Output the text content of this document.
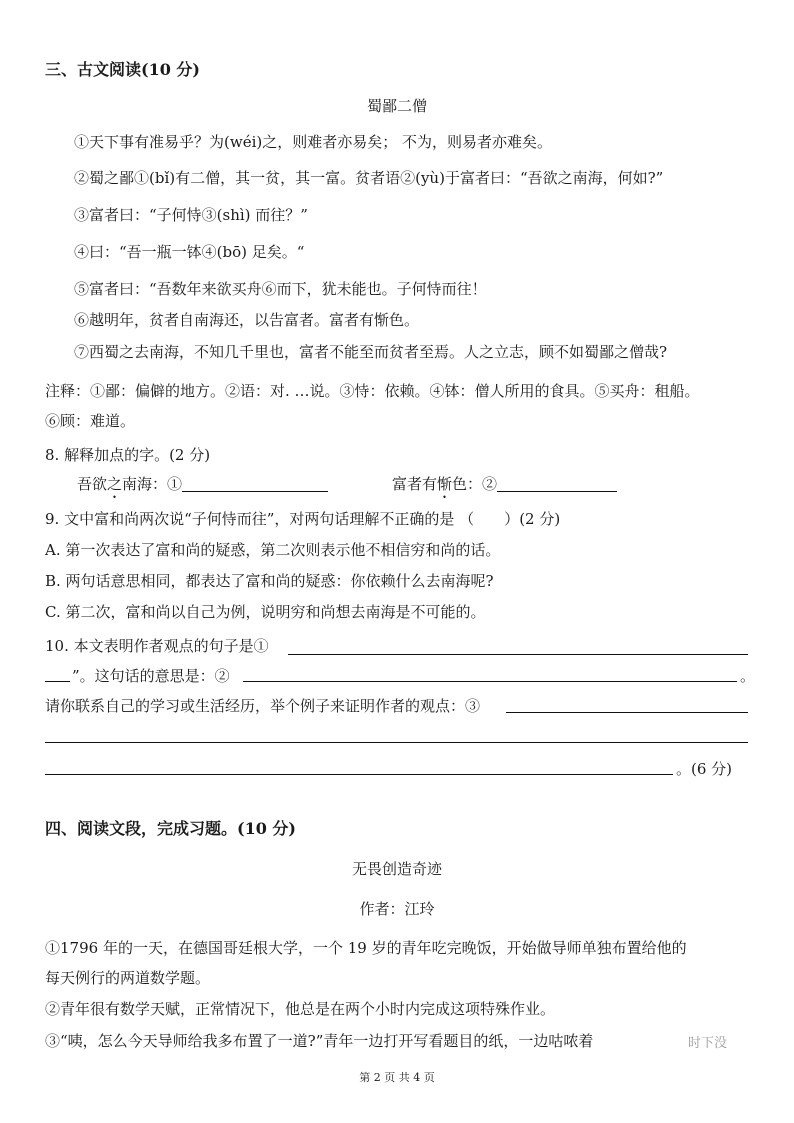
三、古文阅读(10 分)
蜀鄙二僧
①天下事有准易乎？为(wéi)之，则难者亦易矣； 不为，则易者亦难矣。
②蜀之鄙①(bǐ)有二僧，其一贫，其一富。贫者语②(yù)于富者曰：“吾欲之南海，何如?”
③富者曰：“子何恃③(shì) 而往？”
④曰：“吾一瓶一钵④(bō) 足矣。“
⑤富者曰：“吾数年来欲买舟⑥而下，犹未能也。子何恃而往！
⑥越明年，贫者自南海还，以告富者。富者有惭色。
⑦西蜀之去南海，不知几千里也，富者不能至而贫者至焉。人之立志，顾不如蜀鄙之僧哉?
注释：①鄙：偏僻的地方。②语：对. …说。③恃：依赖。④钵：僧人所用的食具。⑤买舟：租船。
⑥顾：难道。
8. 解释加点的字。(2 分)
吾欲之南海：①	富者有惭色：②
9. 文中富和尚两次说“子何恃而往”，对两句话理解不正确的是 （　　）(2 分)
A. 第一次表达了富和尚的疑惑，第二次则表示他不相信穷和尚的话。
B. 两句话意思相同，都表达了富和尚的疑惑：你依赖什么去南海呢?
C. 第二次，富和尚以自己为例，说明穷和尚想去南海是不可能的。
10. 本文表明作者观点的句子是①
”。这句话的意思是：②	。
请你联系自己的学习或生活经历，举个例子来证明作者的观点：③
。(6 分)
四、阅读文段，完成习题。(10 分)
无畏创造奇迹
作者：江玲
①1796 年的一天，在德国哥廷根大学，一个 19 岁的青年吃完晚饭，开始做导师单独布置给他的
每天例行的两道数学题。
②青年很有数学天赋，正常情况下，他总是在两个小时内完成这项特殊作业。
③“咦，怎么今天导师给我多布置了一道?”青年一边打开写看题目的纸，一边咕哝着	时下没
第 2 页 共 4 页
